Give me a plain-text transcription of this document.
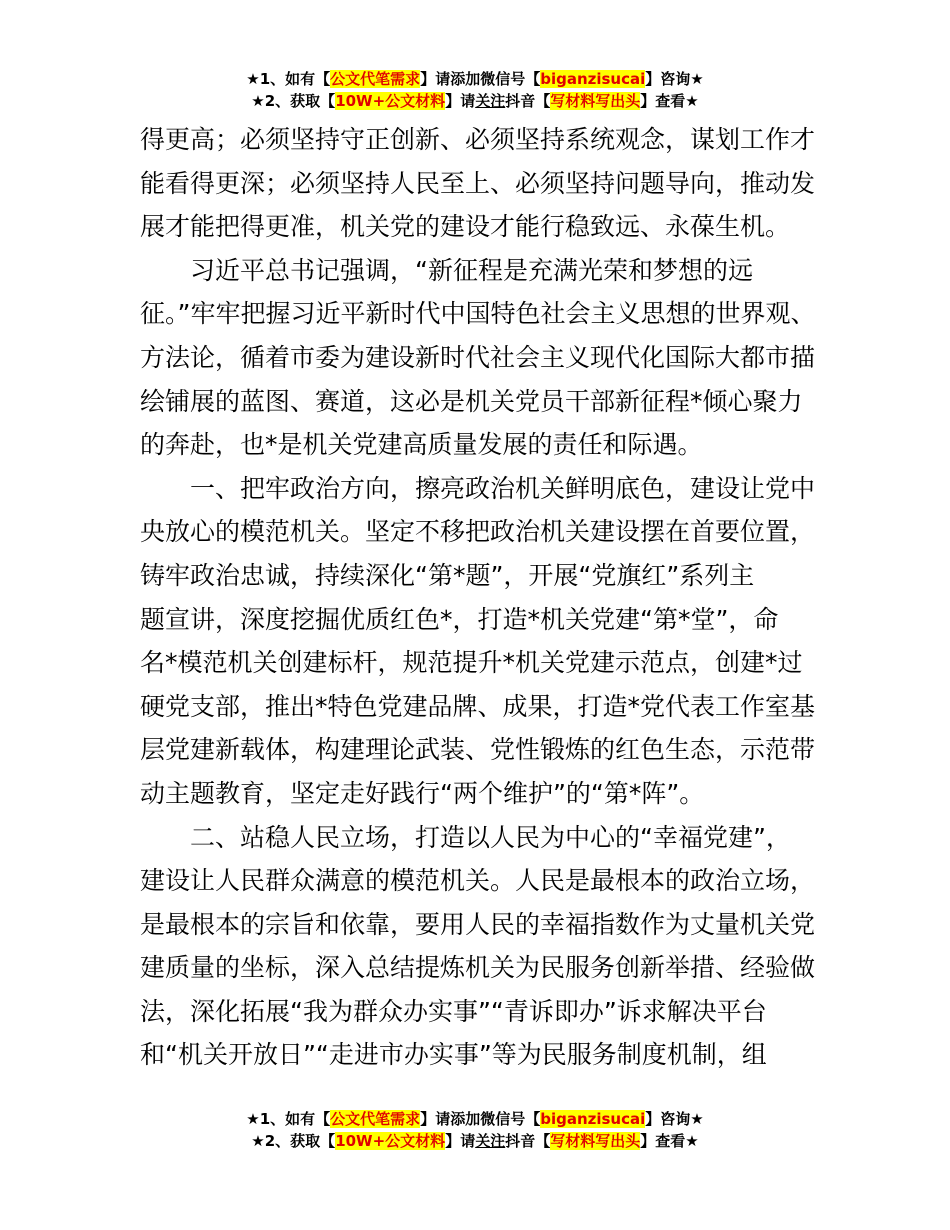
★1、如有【公文代笔需求】请添加微信号【biganzisucai】咨询★
★2、获取【10W+公文材料】请关注抖音【写材料写出头】查看★

得更高；必须坚持守正创新、必须坚持系统观念，谋划工作才
能看得更深；必须坚持人民至上、必须坚持问题导向，推动发
展才能把得更准，机关党的建设才能行稳致远、永葆生机。

习近平总书记强调，“新征程是充满光荣和梦想的远
征。”牢牢把握习近平新时代中国特色社会主义思想的世界观、
方法论，循着市委为建设新时代社会主义现代化国际大都市描
绘铺展的蓝图、赛道，这必是机关党员干部新征程*倾心聚力
的奔赴，也*是机关党建高质量发展的责任和际遇。

一、把牢政治方向，擦亮政治机关鲜明底色，建设让党中
央放心的模范机关。坚定不移把政治机关建设摆在首要位置，
铸牢政治忠诚，持续深化“第*题”，开展“党旗红”系列主
题宣讲，深度挖掘优质红色*，打造*机关党建“第*堂”，命
名*模范机关创建标杆，规范提升*机关党建示范点，创建*过
硬党支部，推出*特色党建品牌、成果，打造*党代表工作室基
层党建新载体，构建理论武装、党性锻炼的红色生态，示范带
动主题教育，坚定走好践行“两个维护”的“第*阵”。

二、站稳人民立场，打造以人民为中心的“幸福党建”，
建设让人民群众满意的模范机关。人民是最根本的政治立场，
是最根本的宗旨和依靠，要用人民的幸福指数作为丈量机关党
建质量的坐标，深入总结提炼机关为民服务创新举措、经验做
法，深化拓展“我为群众办实事”“青诉即办”诉求解决平台
和“机关开放日”“走进市办实事”等为民服务制度机制，组

★1、如有【公文代笔需求】请添加微信号【biganzisucai】咨询★
★2、获取【10W+公文材料】请关注抖音【写材料写出头】查看★
